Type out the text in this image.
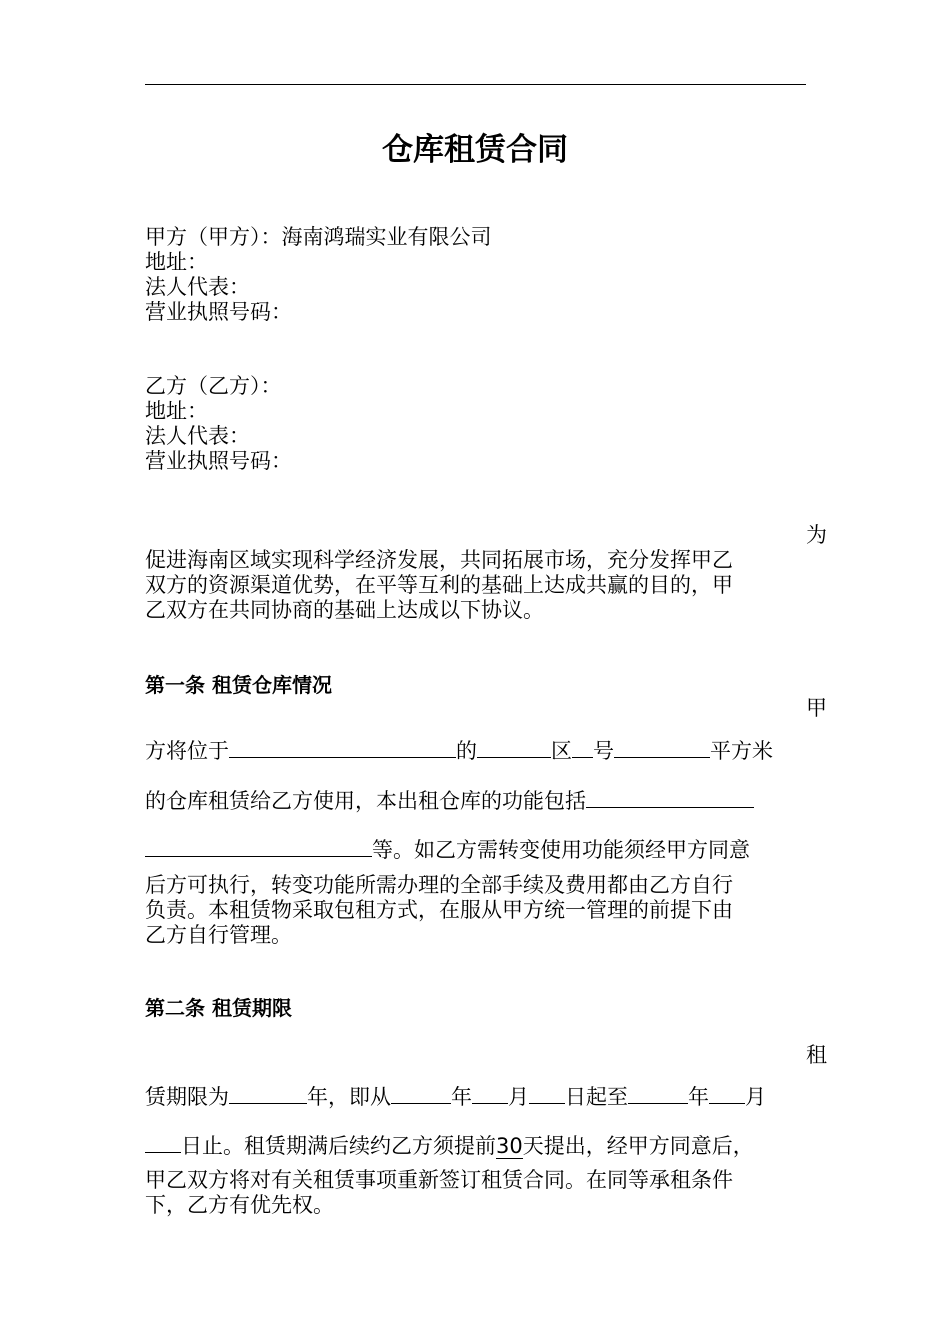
仓库租赁合同
甲方（甲方）：海南鸿瑞实业有限公司
地址：
法人代表：
营业执照号码：
乙方（乙方）：
地址：
法人代表：
营业执照号码：
为
促进海南区域实现科学经济发展，共同拓展市场，充分发挥甲乙
双方的资源渠道优势，在平等互利的基础上达成共赢的目的，甲
乙双方在共同协商的基础上达成以下协议。
第一条 租赁仓库情况
甲
方将位于	的	区 号	平方米
的仓库租赁给乙方使用，本出租仓库的功能包括
等。如乙方需转变使用功能须经甲方同意
后方可执行，转变功能所需办理的全部手续及费用都由乙方自行
负责。本租赁物采取包租方式，在服从甲方统一管理的前提下由
乙方自行管理。
第二条 租赁期限
租
赁期限为	年，即从	年 月 日起至	年 月
日止。租赁期满后续约乙方须提前30天提出，经甲方同意后，
甲乙双方将对有关租赁事项重新签订租赁合同。在同等承租条件
下，乙方有优先权。
